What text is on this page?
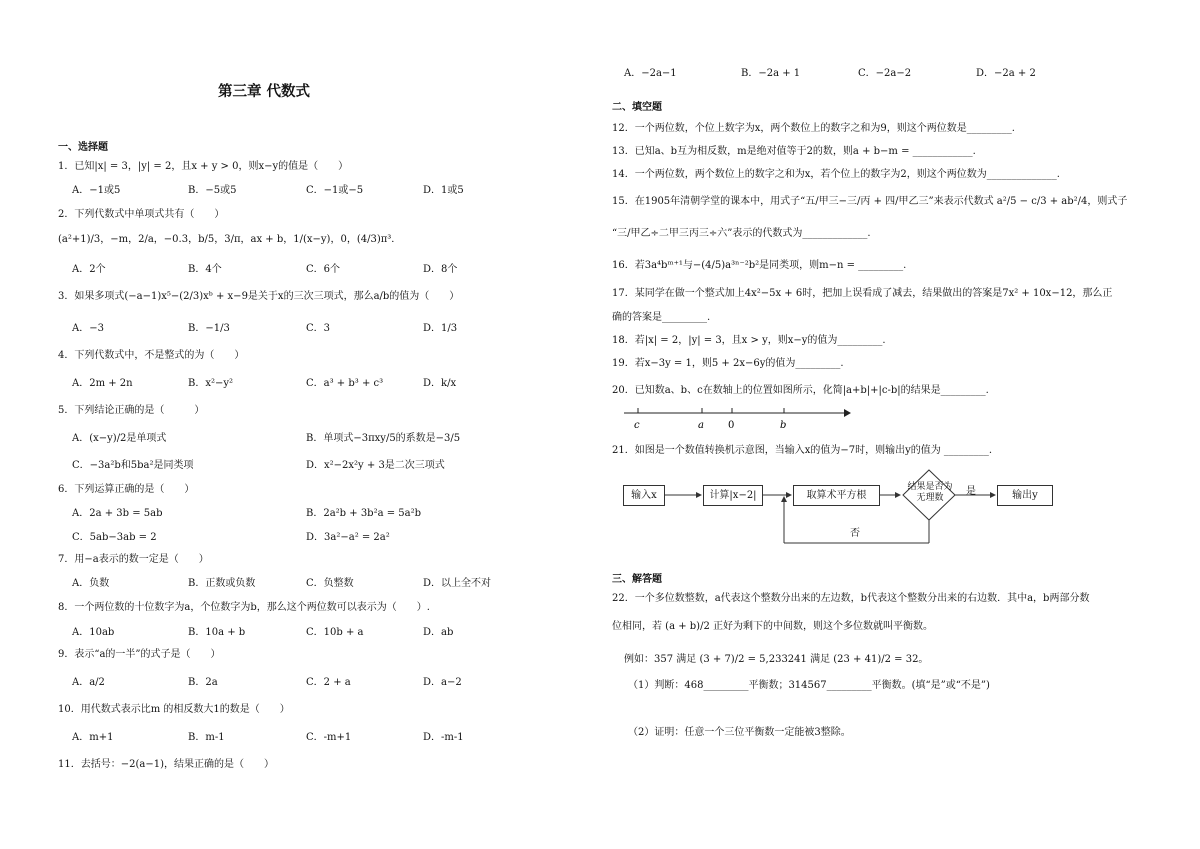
第三章 代数式
一、选择题
1．已知|x| = 3，|y| = 2，且x + y > 0，则x−y的值是（　　）
A．−1或5	B．−5或5	C．−1或−5	D．1或5
2．下列代数式中单项式共有（　　）
(a²+1)/3，−m，2/a，−0.3，b/5，3/π，ax + b，1/(x−y)，0，(4/3)π³．
A．2个	B．4个	C．6个	D．8个
3．如果多项式(−a−1)x⁵−(2/3)xᵇ + x−9是关于x的三次三项式，那么a/b的值为（　　）
A．−3	B．−1/3	C．3	D．1/3
4．下列代数式中，不是整式的为（　　）
A．2m + 2n	B．x²−y²	C．a³ + b³ + c³	D．k/x
5．下列结论正确的是（　　　）
A．(x−y)/2是单项式	B．单项式−3πxy/5的系数是−3/5
C．−3a²b和5ba²是同类项	D．x²−2x²y + 3是二次三项式
6．下列运算正确的是（　　）
A．2a + 3b = 5ab	B．2a²b + 3b²a = 5a²b
C．5ab−3ab = 2	D．3a²−a² = 2a²
7．用−a表示的数一定是（　　）
A．负数	B．正数或负数	C．负整数	D．以上全不对
8．一个两位数的十位数字为a，个位数字为b，那么这个两位数可以表示为（　　）.
A．10ab	B．10a + b	C．10b + a	D．ab
9．表示“a的一半”的式子是（　　）
A．a/2	B．2a	C．2 + a	D．a−2
10．用代数式表示比m 的相反数大1的数是（　　）
A．m+1	B．m-1	C．-m+1	D．-m-1
11．去括号：−2(a−1)，结果正确的是（　　）
A．−2a−1	B．−2a + 1	C．−2a−2	D．−2a + 2
二、填空题
12．一个两位数，个位上数字为x，两个数位上的数字之和为9，则这个两位数是_________.
13．已知a、b互为相反数，m是绝对值等于2的数，则a + b−m = ____________.
14．一个两位数，两个数位上的数字之和为x，若个位上的数字为2，则这个两位数为______________.
15．在1905年清朝学堂的课本中，用式子“五/甲三−三/丙 + 四/甲乙三”来表示代数式 a²/5 − c/3 + ab²/4，则式子
“三/甲乙÷二甲三丙三÷六”表示的代数式为_____________.
16．若3a⁴bᵐ⁺¹与−(4/5)a³ⁿ⁻²b²是同类项，则m−n = _________.
17．某同学在做一个整式加上4x²−5x + 6时，把加上误看成了减去，结果做出的答案是7x² + 10x−12，那么正
确的答案是_________.
18．若|x| = 2，|y| = 3，且x > y，则x−y的值为_________.
19．若x−3y = 1，则5 + 2x−6y的值为_________.
20．已知数a、b、c在数轴上的位置如图所示，化简|a+b|+|c-b|的结果是_________.
c	a 0	b
21．如图是一个数值转换机示意图，当输入x的值为−7时，则输出y的值为 _________.
输入x	计算|x−2|	取算术平方根
结果是否为无理数
是	输出y
否
三、解答题
22．一个多位数整数，a代表这个整数分出来的左边数，b代表这个整数分出来的右边数．其中a，b两部分数
位相同，若 (a + b)/2 正好为剩下的中间数，则这个多位数就叫平衡数。
例如：357 满足 (3 + 7)/2 = 5,233241 满足 (23 + 41)/2 = 32。
（1）判断：468_________平衡数；314567_________平衡数。(填“是”或“不是”)
（2）证明：任意一个三位平衡数一定能被3整除。
